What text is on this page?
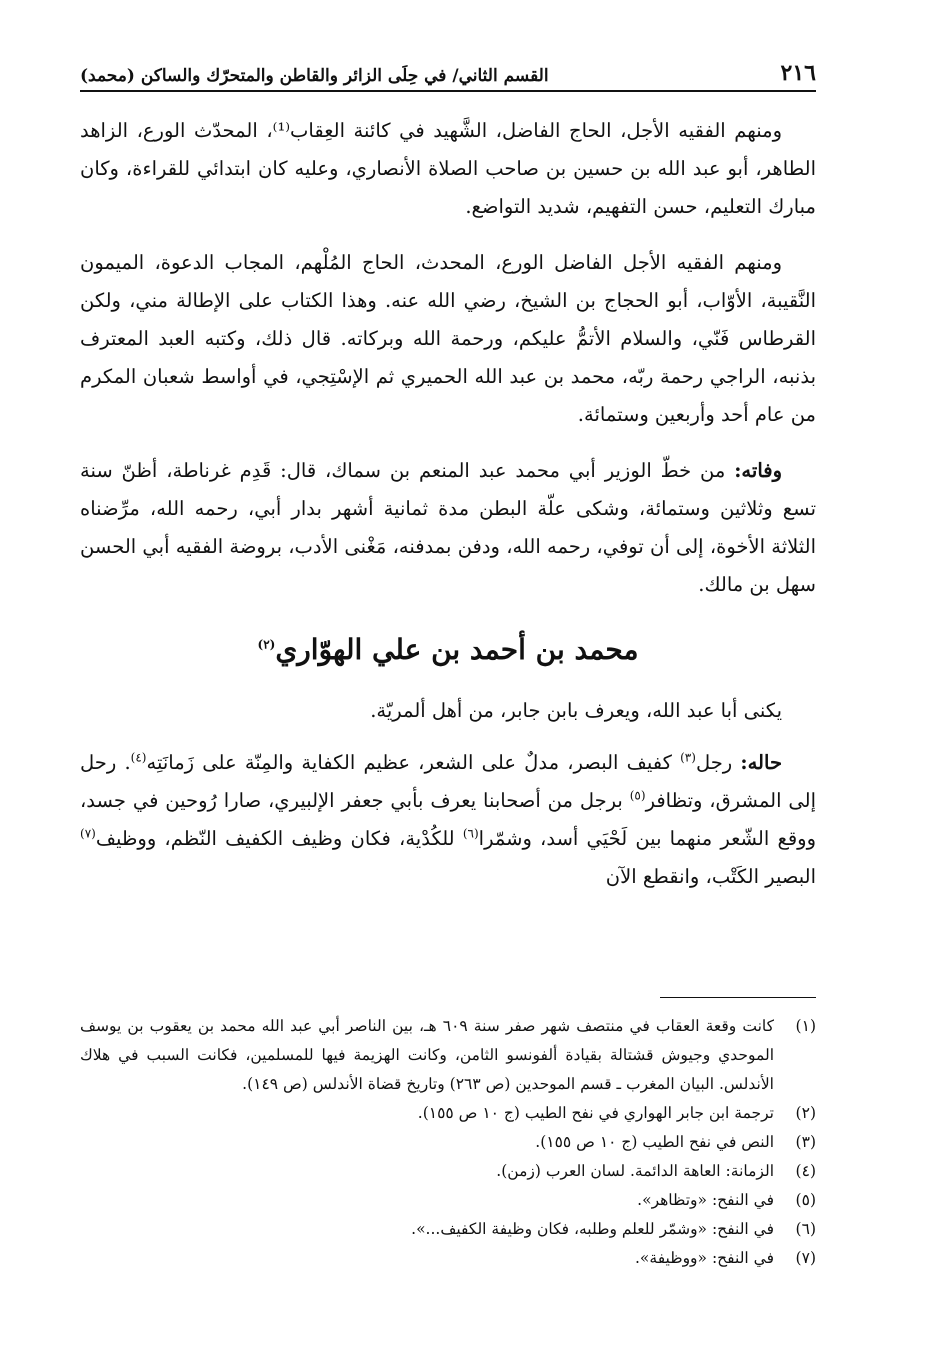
٢١٦
القسم الثاني/ في حِلَى الزائر والقاطن والمتحرّك والساكن (محمد)

ومنهم الفقيه الأجل، الحاج الفاضل، الشَّهيد في كائنة العِقاب⁽¹⁾، المحدّث الورع، الزاهد الطاهر، أبو عبد الله بن حسين بن صاحب الصلاة الأنصاري، وعليه كان ابتدائي للقراءة، وكان مبارك التعليم، حسن التفهيم، شديد التواضع.

ومنهم الفقيه الأجل الفاضل الورع، المحدث، الحاج المُلْهم، المجاب الدعوة، الميمون النَّقيبة، الأوّاب، أبو الحجاج بن الشيخ، رضي الله عنه. وهذا الكتاب على الإطالة مني، ولكن القرطاس فَنّي، والسلام الأتمُّ عليكم، ورحمة الله وبركاته. قال ذلك، وكتبه العبد المعترف بذنبه، الراجي رحمة ربّه، محمد بن عبد الله الحميري ثم الإسْتِجي، في أواسط شعبان المكرم من عام أحد وأربعين وستمائة.

وفاته: من خطّ الوزير أبي محمد عبد المنعم بن سماك، قال: قَدِم غرناطة، أظنّ سنة تسع وثلاثين وستمائة، وشكى علّة البطن مدة ثمانية أشهر بدار أبي، رحمه الله، مرِّضناه الثلاثة الأخوة، إلى أن توفي، رحمه الله، ودفن بمدفنه، مَغْنى الأدب، بروضة الفقيه أبي الحسن سهل بن مالك.

محمد بن أحمد بن علي الهوّاري$^{(٢)}$

يكنى أبا عبد الله، ويعرف بابن جابر، من أهل ألمريّة.

حاله: رجل$^{(٣)}$ كفيف البصر، مدلٌ على الشعر، عظيم الكفاية والمِنّة على زَمانَتِه$^{(٤)}$. رحل إلى المشرق، وتظافر$^{(٥)}$ برجل من أصحابنا يعرف بأبي جعفر الإلبيري، صارا رُوحين في جسد، ووقع الشّعر منهما بين لَحْيَي أسد، وشمّرا$^{(٦)}$ للكُدْية، فكان وظيف الكفيف النّظم، ووظيف$^{(٧)}$ البصير الكَتْب، وانقطع الآن

(١)
كانت وقعة العقاب في منتصف شهر صفر سنة ٦٠٩ هـ، بين الناصر أبي عبد الله محمد بن يعقوب بن يوسف الموحدي وجيوش قشتالة بقيادة ألفونسو الثامن، وكانت الهزيمة فيها للمسلمين، فكانت السبب في هلاك الأندلس. البيان المغرب ـ قسم الموحدين (ص ٢٦٣) وتاريخ قضاة الأندلس (ص ١٤٩).
(٢)
ترجمة ابن جابر الهواري في نفح الطيب (ج ١٠ ص ١٥٥).
(٣)
النص في نفح الطيب (ج ١٠ ص ١٥٥).
(٤)
الزمانة: العاهة الدائمة. لسان العرب (زمن).
(٥)
في النفح: «وتظاهر».
(٦)
في النفح: «وشمّر للعلم وطلبه، فكان وظيفة الكفيف...».
(٧)
في النفح: «ووظيفة».
